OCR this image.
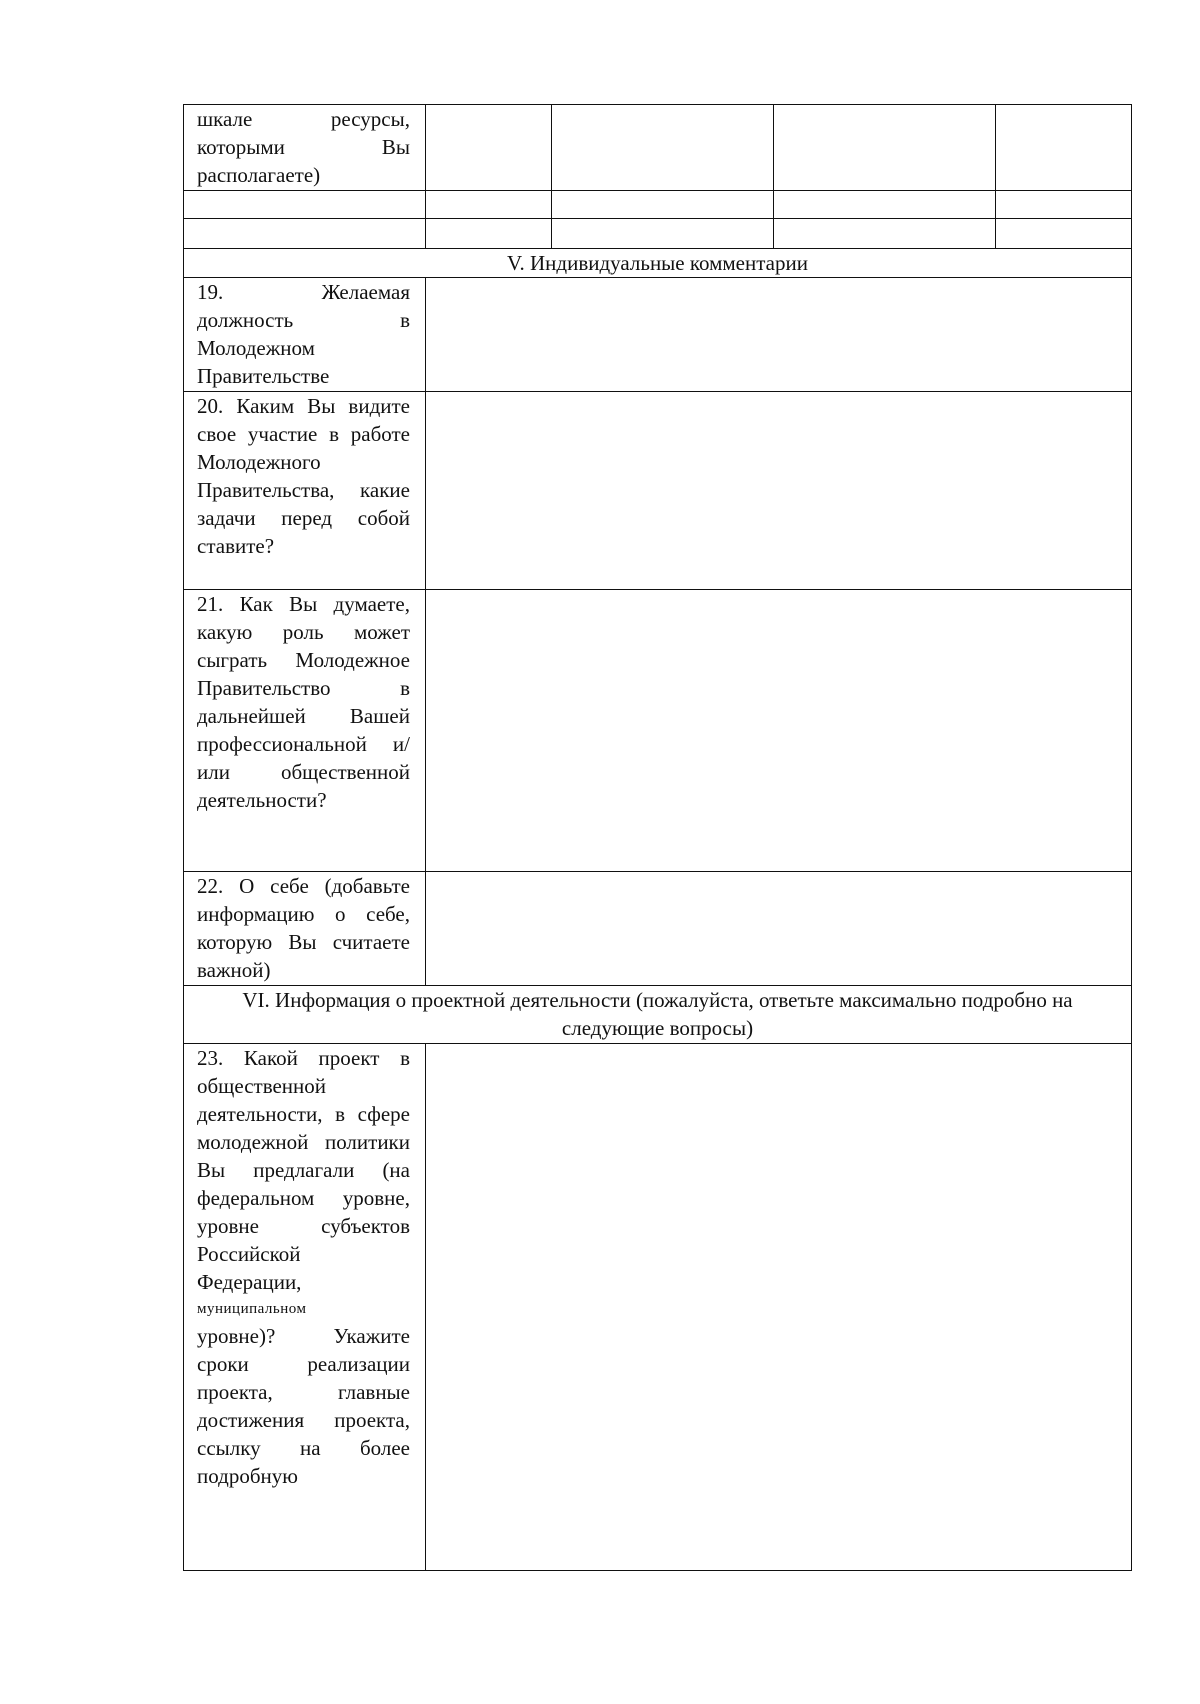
шкале ресурсы, которыми Вы располагаете)				

V. Индивидуальные комментарии				
19. Желаемая должность в Молодежном Правительстве				
20. Каким Вы видите свое участие в работе Молодежного Правительства, какие задачи перед собой ставите?				
21. Как Вы думаете, какую роль может сыграть Молодежное Правительство в дальнейшей Вашей профессиональной и/или общественной деятельности?				
22. О себе (добавьте информацию о себе, которую Вы считаете важной)				
VI. Информация о проектной деятельности (пожалуйста, ответьте максимально подробно на следующие вопросы)				
23. Какой проект в общественной деятельности, в сфере молодежной политики Вы предлагали (на федеральном уровне, уровне субъектов Российской Федерации,
муниципальном
уровне)? Укажите сроки реализации проекта, главные достижения проекта, ссылку на более подробную				
